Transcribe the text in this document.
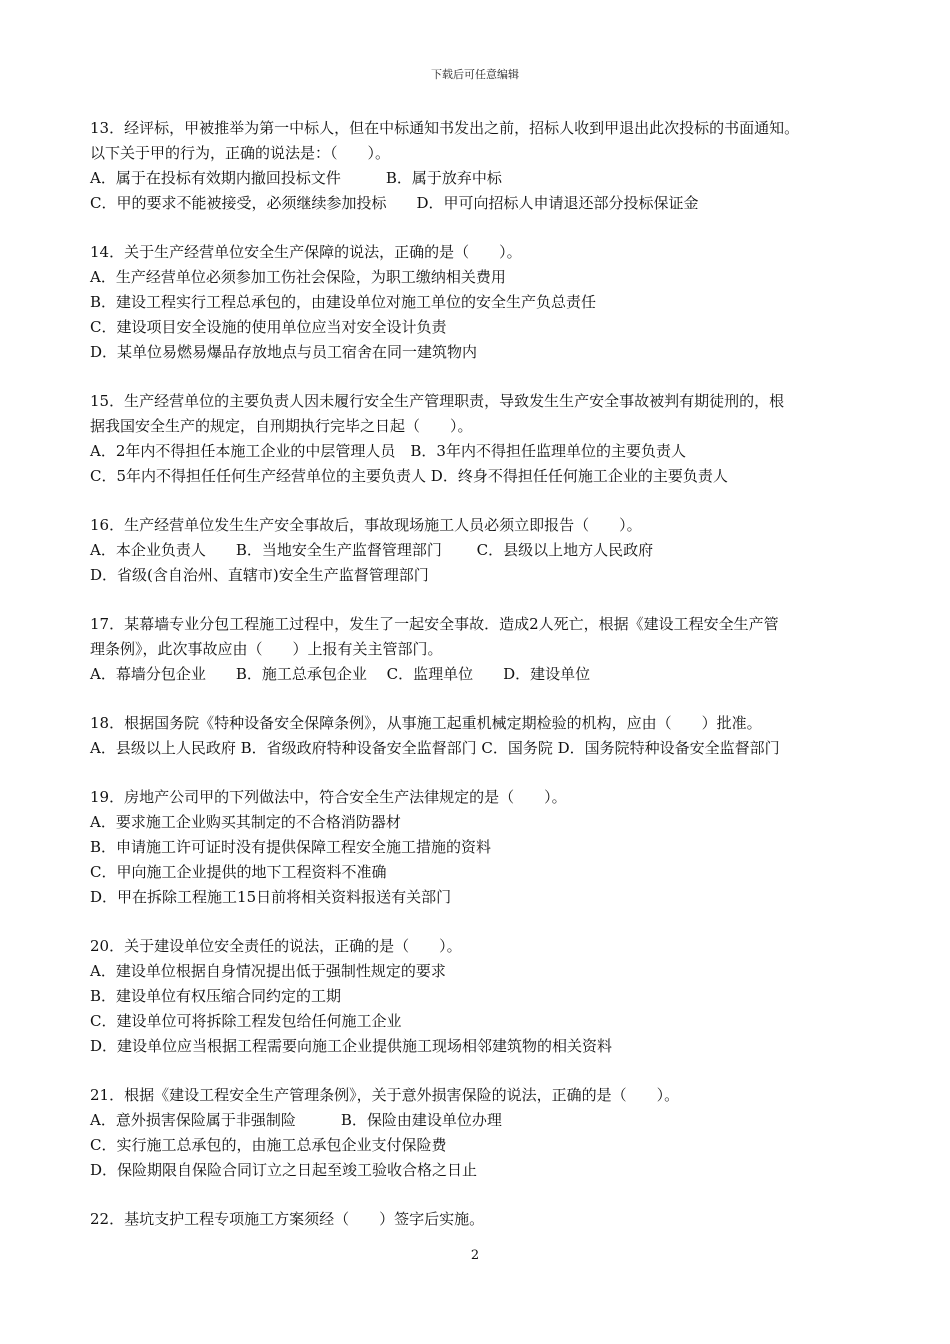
下载后可任意编辑
13．经评标，甲被推举为第一中标人，但在中标通知书发出之前，招标人收到甲退出此次投标的书面通知。
以下关于甲的行为，正确的说法是：（　　）。
A．属于在投标有效期内撤回投标文件　　　B．属于放弃中标
C．甲的要求不能被接受，必须继续参加投标　　D．甲可向招标人申请退还部分投标保证金
14．关于生产经营单位安全生产保障的说法，正确的是（　　）。
A．生产经营单位必须参加工伤社会保险，为职工缴纳相关费用
B．建设工程实行工程总承包的，由建设单位对施工单位的安全生产负总责任
C．建设项目安全设施的使用单位应当对安全设计负责
D．某单位易燃易爆品存放地点与员工宿舍在同一建筑物内
15．生产经营单位的主要负责人因未履行安全生产管理职责，导致发生生产安全事故被判有期徒刑的，根
据我国安全生产的规定，自刑期执行完毕之日起（　　）。
A．2年内不得担任本施工企业的中层管理人员　B．3年内不得担任监理单位的主要负责人
C．5年内不得担任任何生产经营单位的主要负责人 D．终身不得担任任何施工企业的主要负责人
16．生产经营单位发生生产安全事故后，事故现场施工人员必须立即报告（　　）。
A．本企业负责人　　B．当地安全生产监督管理部门　　 C．县级以上地方人民政府
D．省级(含自治州、直辖市)安全生产监督管理部门
17．某幕墙专业分包工程施工过程中，发生了一起安全事故．造成2人死亡，根据《建设工程安全生产管
理条例》，此次事故应由（　　）上报有关主管部门。
A．幕墙分包企业　　B．施工总承包企业　 C．监理单位　　D．建设单位
18．根据国务院《特种设备安全保障条例》，从事施工起重机械定期检验的机构，应由（　　）批准。
A．县级以上人民政府 B．省级政府特种设备安全监督部门 C．国务院 D．国务院特种设备安全监督部门
19．房地产公司甲的下列做法中，符合安全生产法律规定的是（　　）。
A．要求施工企业购买其制定的不合格消防器材
B．申请施工许可证时没有提供保障工程安全施工措施的资料
C．甲向施工企业提供的地下工程资料不准确
D．甲在拆除工程施工15日前将相关资料报送有关部门
20．关于建设单位安全责任的说法，正确的是（　　）。
A．建设单位根据自身情况提出低于强制性规定的要求
B．建设单位有权压缩合同约定的工期
C．建设单位可将拆除工程发包给任何施工企业
D．建设单位应当根据工程需要向施工企业提供施工现场相邻建筑物的相关资料
21．根据《建设工程安全生产管理条例》，关于意外损害保险的说法，正确的是（　　）。
A．意外损害保险属于非强制险　　　B．保险由建设单位办理
C．实行施工总承包的，由施工总承包企业支付保险费
D．保险期限自保险合同订立之日起至竣工验收合格之日止
22．基坑支护工程专项施工方案须经（　　）签字后实施。
2
